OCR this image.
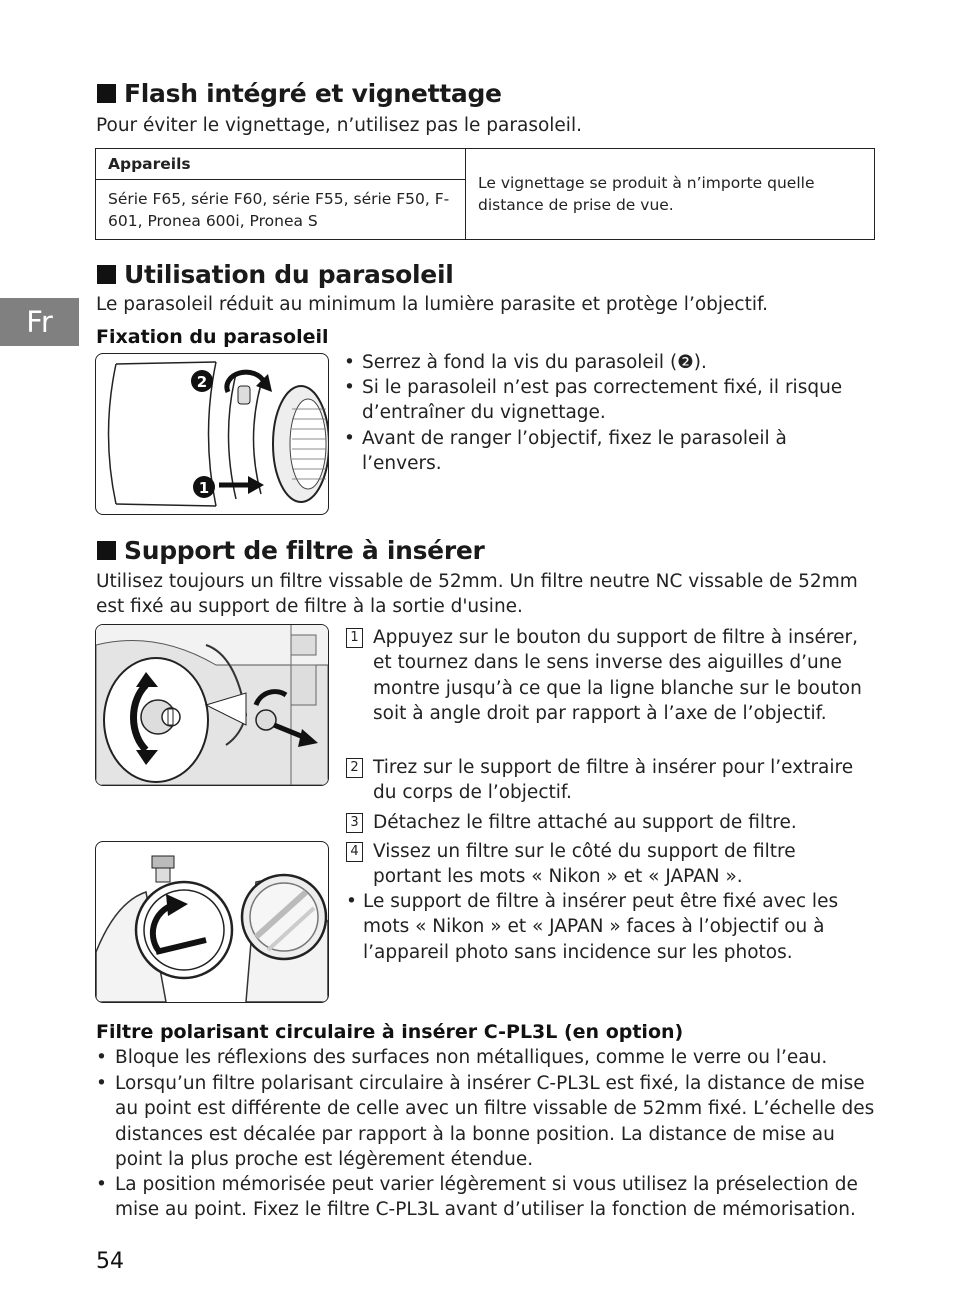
Fr
Flash intégré et vignettage
Pour éviter le vignettage, n’utilisez pas le parasoleil.
Appareils	Le vignettage se produit à n’importe quelle distance de prise de vue.
Série F65, série F60, série F55, série F50, F-601, Pronea 600i, Pronea S
Utilisation du parasoleil
Le parasoleil réduit au minimum la lumière parasite et protège l’objectif.
Fixation du parasoleil
2
1
• Serrez à fond la vis du parasoleil (❷).
• Si le parasoleil n’est pas correctement fixé, il risque d’entraîner du vignettage.
• Avant de ranger l’objectif, fixez le parasoleil à l’envers.
Support de filtre à insérer
Utilisez toujours un filtre vissable de 52mm. Un filtre neutre NC vissable de 52mm est fixé au support de filtre à la sortie d'usine.
1 Appuyez sur le bouton du support de filtre à insérer, et tournez dans le sens inverse des aiguilles d’une montre jusqu’à ce que la ligne blanche sur le bouton soit à angle droit par rapport à l’axe de l’objectif.
2 Tirez sur le support de filtre à insérer pour l’extraire du corps de l’objectif.
3 Détachez le filtre attaché au support de filtre.
4 Vissez un filtre sur le côté du support de filtre portant les mots « Nikon » et « JAPAN ».
• Le support de filtre à insérer peut être fixé avec les mots « Nikon » et « JAPAN » faces à l’objectif ou à l’appareil photo sans incidence sur les photos.
Filtre polarisant circulaire à insérer C-PL3L (en option)
• Bloque les réflexions des surfaces non métalliques, comme le verre ou l’eau.
• Lorsqu’un filtre polarisant circulaire à insérer C-PL3L est fixé, la distance de mise au point est différente de celle avec un filtre vissable de 52mm fixé. L’échelle des distances est décalée par rapport à la bonne position. La distance de mise au point la plus proche est légèrement étendue.
• La position mémorisée peut varier légèrement si vous utilisez la préselection de mise au point. Fixez le filtre C-PL3L avant d’utiliser la fonction de mémorisation.
54
